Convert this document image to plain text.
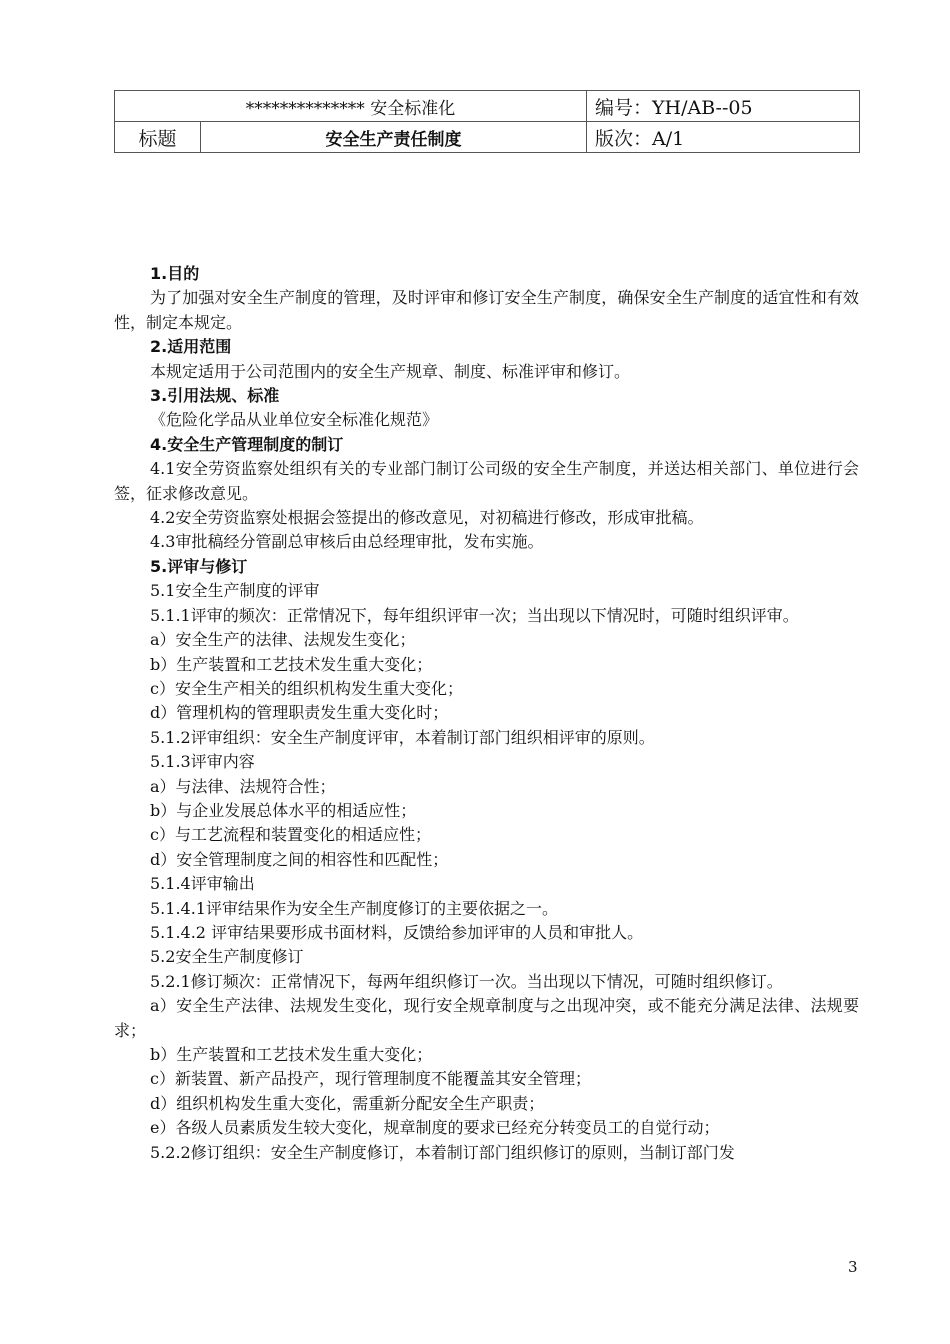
************** 安全标准化		编号：YH/AB--05
标题	安全生产责任制度	版次：A/1

1.目的

为了加强对安全生产制度的管理，及时评审和修订安全生产制度，确保安全生产制度的适宜性和有效性，制定本规定。

2.适用范围

本规定适用于公司范围内的安全生产规章、制度、标准评审和修订。

3.引用法规、标准

《危险化学品从业单位安全标准化规范》

4.安全生产管理制度的制订

4.1安全劳资监察处组织有关的专业部门制订公司级的安全生产制度，并送达相关部门、单位进行会签，征求修改意见。

4.2安全劳资监察处根据会签提出的修改意见，对初稿进行修改，形成审批稿。

4.3审批稿经分管副总审核后由总经理审批，发布实施。

5.评审与修订

5.1安全生产制度的评审

5.1.1评审的频次：正常情况下，每年组织评审一次；当出现以下情况时，可随时组织评审。

a）安全生产的法律、法规发生变化；

b）生产装置和工艺技术发生重大变化；

c）安全生产相关的组织机构发生重大变化；

d）管理机构的管理职责发生重大变化时；

5.1.2评审组织：安全生产制度评审，本着制订部门组织相评审的原则。

5.1.3评审内容

a）与法律、法规符合性；

b）与企业发展总体水平的相适应性；

c）与工艺流程和装置变化的相适应性；

d）安全管理制度之间的相容性和匹配性；

5.1.4评审输出

5.1.4.1评审结果作为安全生产制度修订的主要依据之一。

5.1.4.2 评审结果要形成书面材料，反馈给参加评审的人员和审批人。

5.2安全生产制度修订

5.2.1修订频次：正常情况下，每两年组织修订一次。当出现以下情况，可随时组织修订。

a）安全生产法律、法规发生变化，现行安全规章制度与之出现冲突，或不能充分满足法律、法规要求；

b）生产装置和工艺技术发生重大变化；

c）新装置、新产品投产，现行管理制度不能覆盖其安全管理；

d）组织机构发生重大变化，需重新分配安全生产职责；

e）各级人员素质发生较大变化，规章制度的要求已经充分转变员工的自觉行动；

5.2.2修订组织：安全生产制度修订，本着制订部门组织修订的原则，当制订部门发

3
